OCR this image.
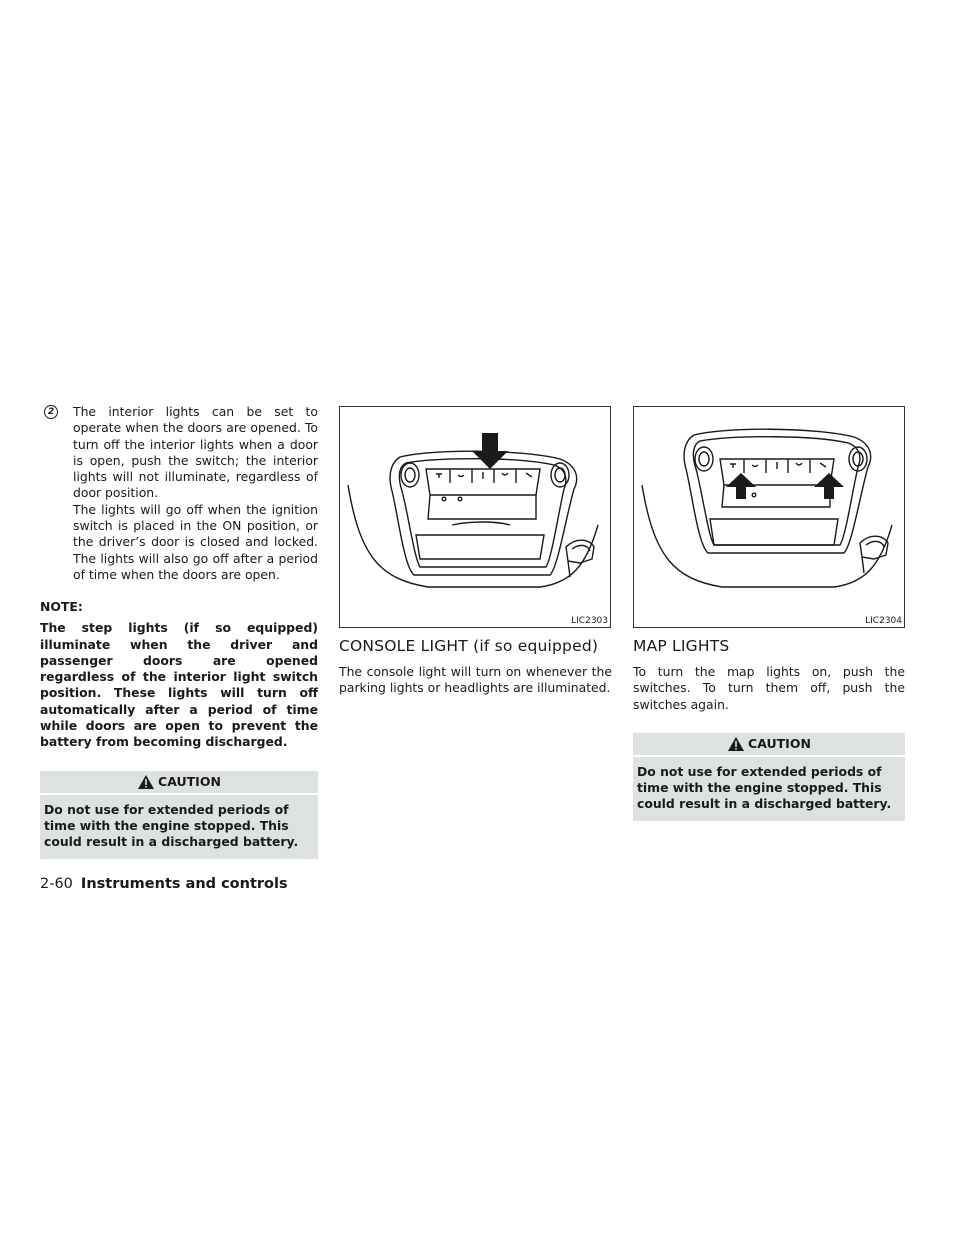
2	The interior lights can be set to operate when the doors are opened. To turn off the interior lights when a door is open, push the switch; the interior lights will not illuminate, regardless of door position.

The lights will go off when the ignition switch is placed in the ON position, or the driver’s door is closed and locked. The lights will also go off after a period of time when the doors are open.

NOTE:

The step lights (if so equipped) illuminate when the driver and passenger doors are opened regardless of the interior light switch position. These lights will turn off automatically after a period of time while doors are open to prevent the battery from becoming discharged.

CAUTION
Do not use for extended periods of time with the engine stopped. This could result in a discharged battery.
LIC2303
CONSOLE LIGHT (if so equipped)

The console light will turn on whenever the parking lights or headlights are illuminated.

LIC2304
MAP LIGHTS

To turn the map lights on, push the switches. To turn them off, push the switches again.

CAUTION
Do not use for extended periods of time with the engine stopped. This could result in a discharged battery.
2-60 Instruments and controls
